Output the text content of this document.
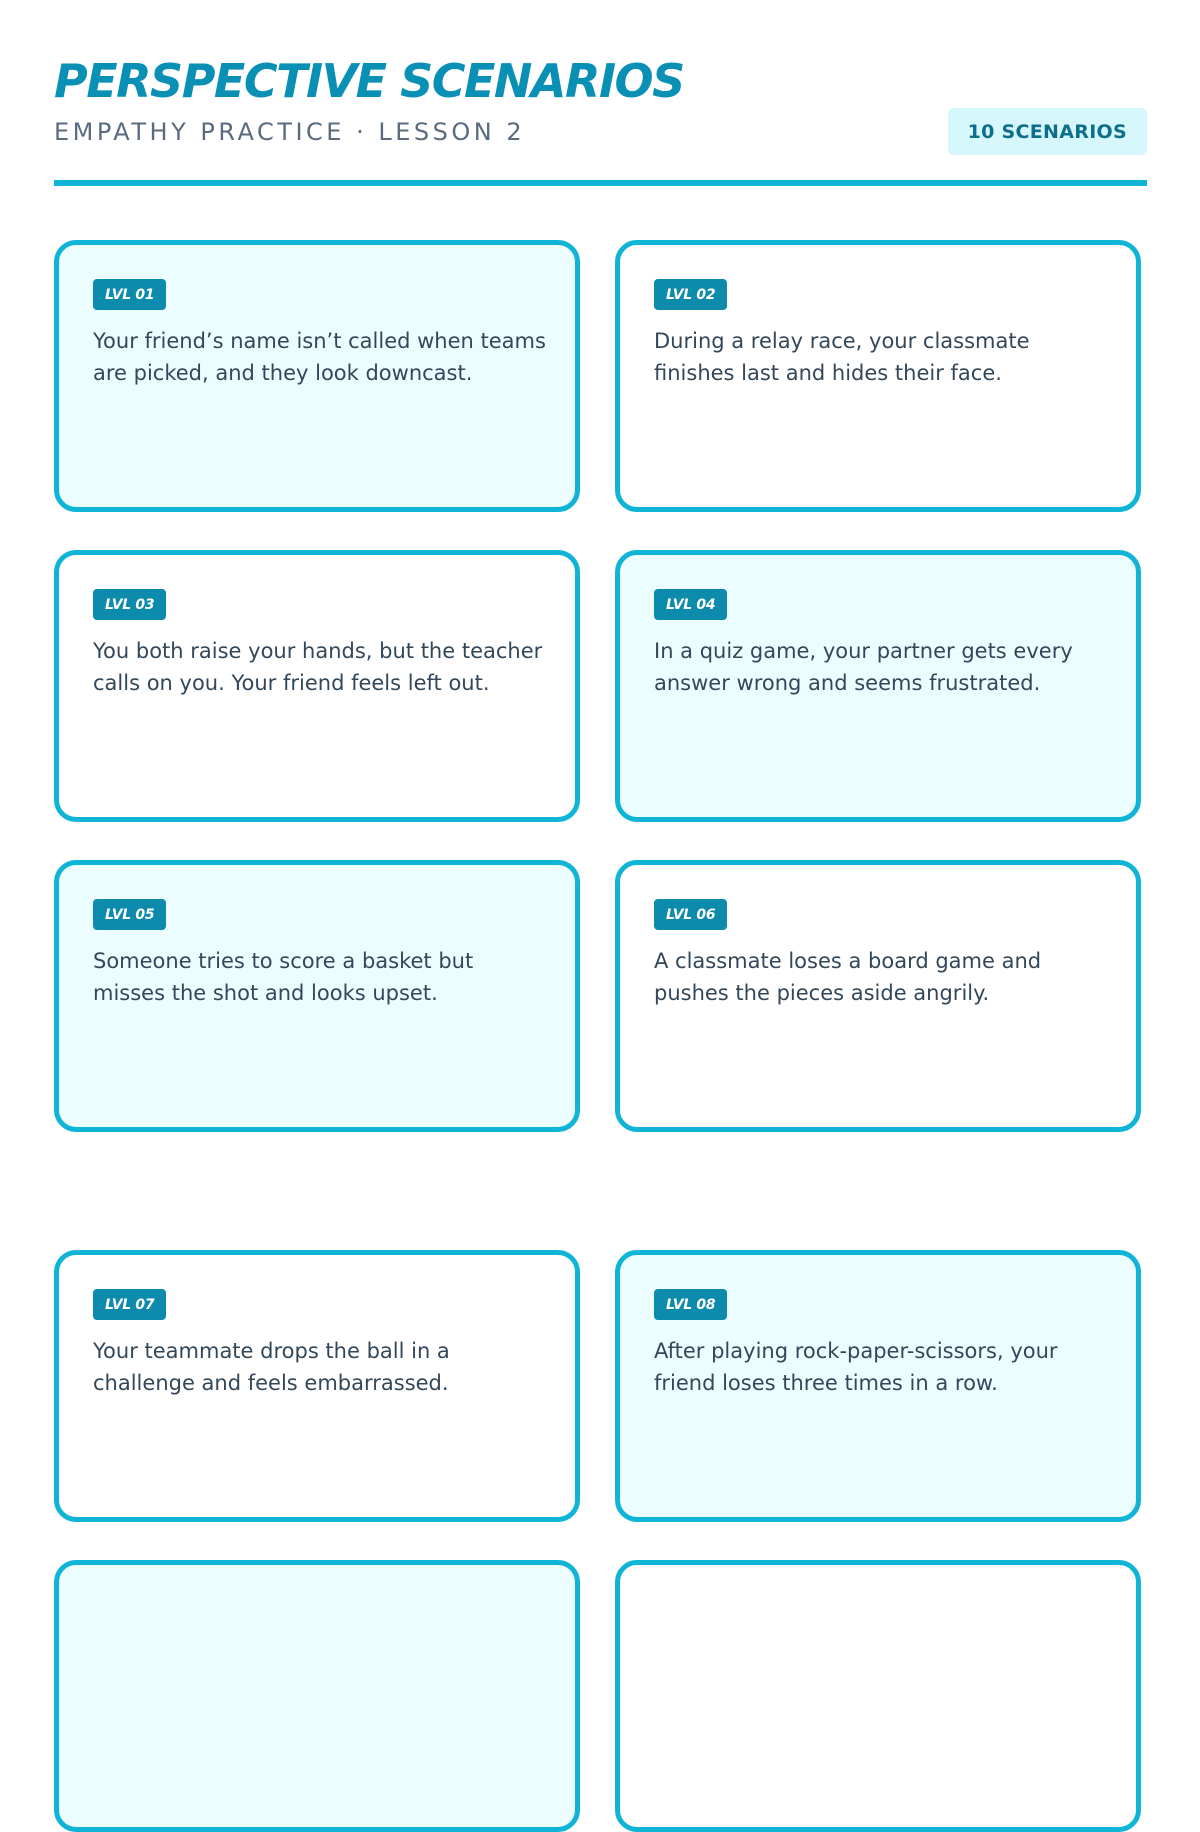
PERSPECTIVE SCENARIOS
EMPATHY PRACTICE · LESSON 2	10 SCENARIOS
LVL 01

Your friend’s name isn’t called when teams are picked, and they look downcast.

LVL 02

During a relay race, your classmate finishes last and hides their face.

LVL 03

You both raise your hands, but the teacher calls on you. Your friend feels left out.

LVL 04

In a quiz game, your partner gets every answer wrong and seems frustrated.

LVL 05

Someone tries to score a basket but misses the shot and looks upset.

LVL 06

A classmate loses a board game and pushes the pieces aside angrily.

LVL 07

Your teammate drops the ball in a challenge and feels embarrassed.

LVL 08

After playing rock-paper-scissors, your friend loses three times in a row.
